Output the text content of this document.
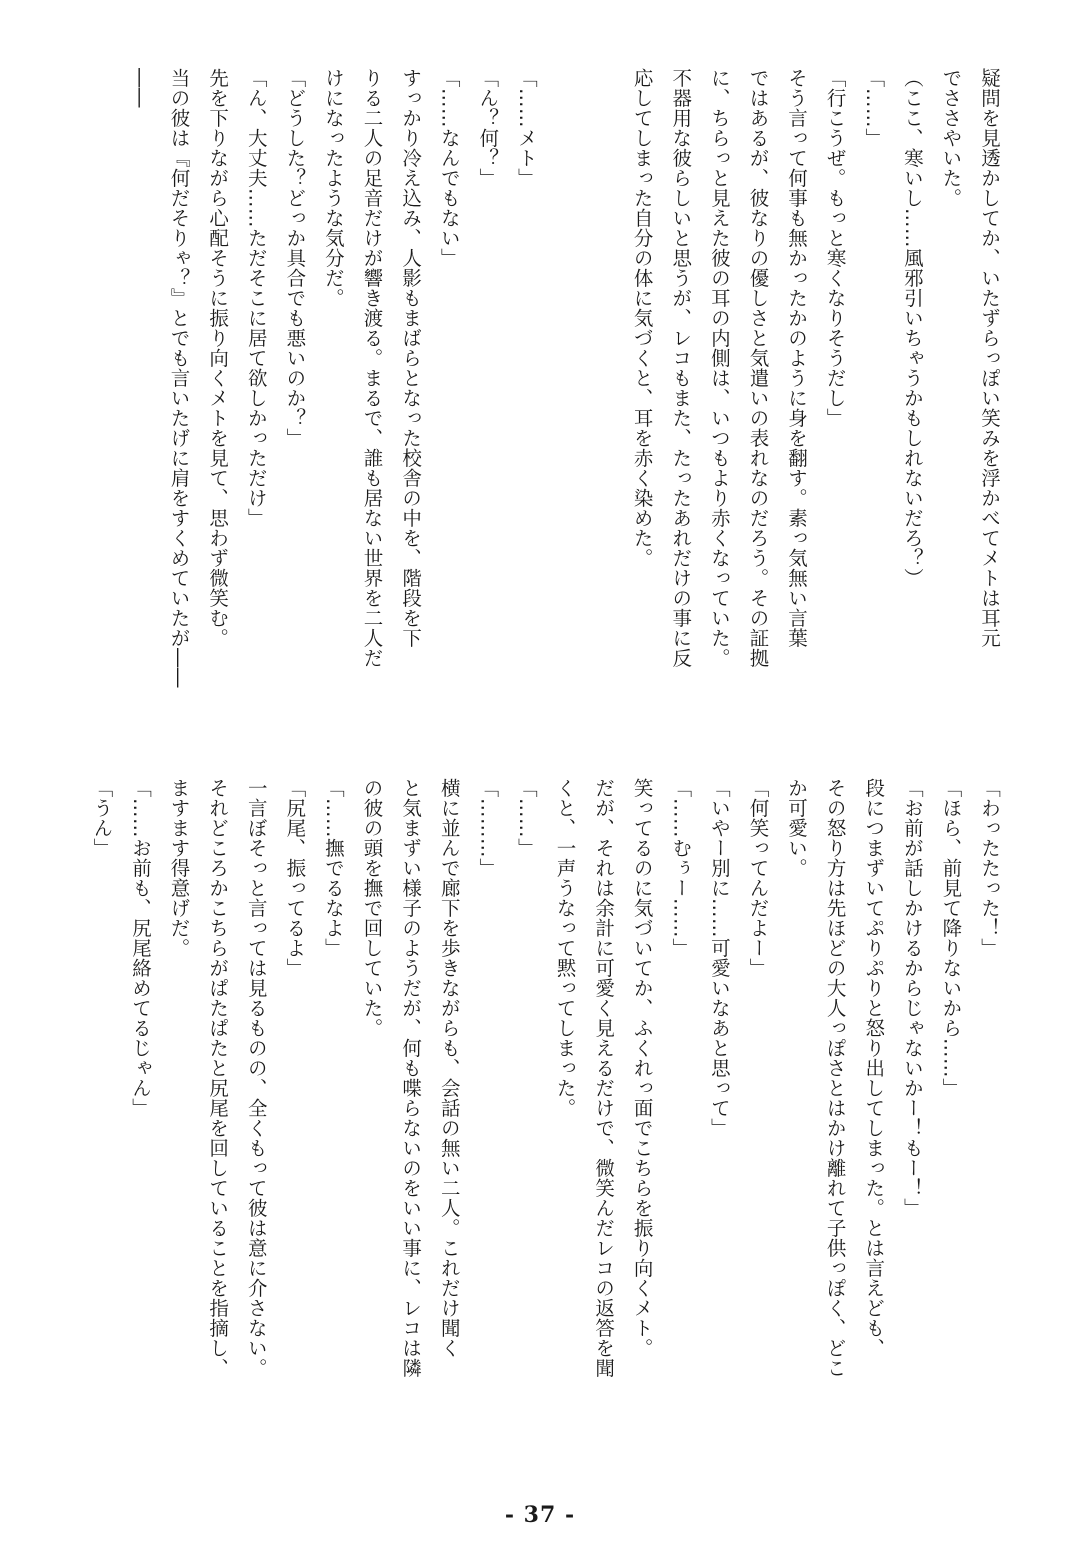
疑問を見透かしてか、いたずらっぽい笑みを浮かべてメトは耳元
でささやいた。
（ここ、寒いし……風邪引いちゃうかもしれないだろ？）
「……」
「行こうぜ。もっと寒くなりそうだし」
そう言って何事も無かったかのように身を翻す。素っ気無い言葉
ではあるが、彼なりの優しさと気遣いの表れなのだろう。その証拠
に、ちらっと見えた彼の耳の内側は、いつもより赤くなっていた。
不器用な彼らしいと思うが、レコもまた、たったあれだけの事に反
応してしまった自分の体に気づくと、耳を赤く染めた。
「……メト」
「ん？何？」
「……なんでもない」
すっかり冷え込み、人影もまばらとなった校舎の中を、階段を下
りる二人の足音だけが響き渡る。まるで、誰も居ない世界を二人だ
けになったような気分だ。
「どうした？どっか具合でも悪いのか？」
「ん、大丈夫……ただそこに居て欲しかっただけ」
先を下りながら心配そうに振り向くメトを見て、思わず微笑む。
当の彼は『何だそりゃ？』とでも言いたげに肩をすくめていたが――
――
「わったたった！」
「ほら、前見て降りないから……」
「お前が話しかけるからじゃないかー！もー！」
段につまずいてぷりぷりと怒り出してしまった。とは言えども、
その怒り方は先ほどの大人っぽさとはかけ離れて子供っぽく、どこ
か可愛い。
「何笑ってんだよー」
「いやー別に……可愛いなあと思って」
「……むぅー……」
笑ってるのに気づいてか、ふくれっ面でこちらを振り向くメト。
だが、それは余計に可愛く見えるだけで、微笑んだレコの返答を聞
くと、一声うなって黙ってしまった。
「……」
「………」
横に並んで廊下を歩きながらも、会話の無い二人。これだけ聞く
と気まずい様子のようだが、何も喋らないのをいい事に、レコは隣
の彼の頭を撫で回していた。
「……撫でるなよ」
「尻尾、振ってるよ」
一言ぼそっと言っては見るものの、全くもって彼は意に介さない。
それどころかこちらがぱたぱたと尻尾を回していることを指摘し、
ますます得意げだ。
「……お前も、尻尾絡めてるじゃん」
「うん」
- 37 -
